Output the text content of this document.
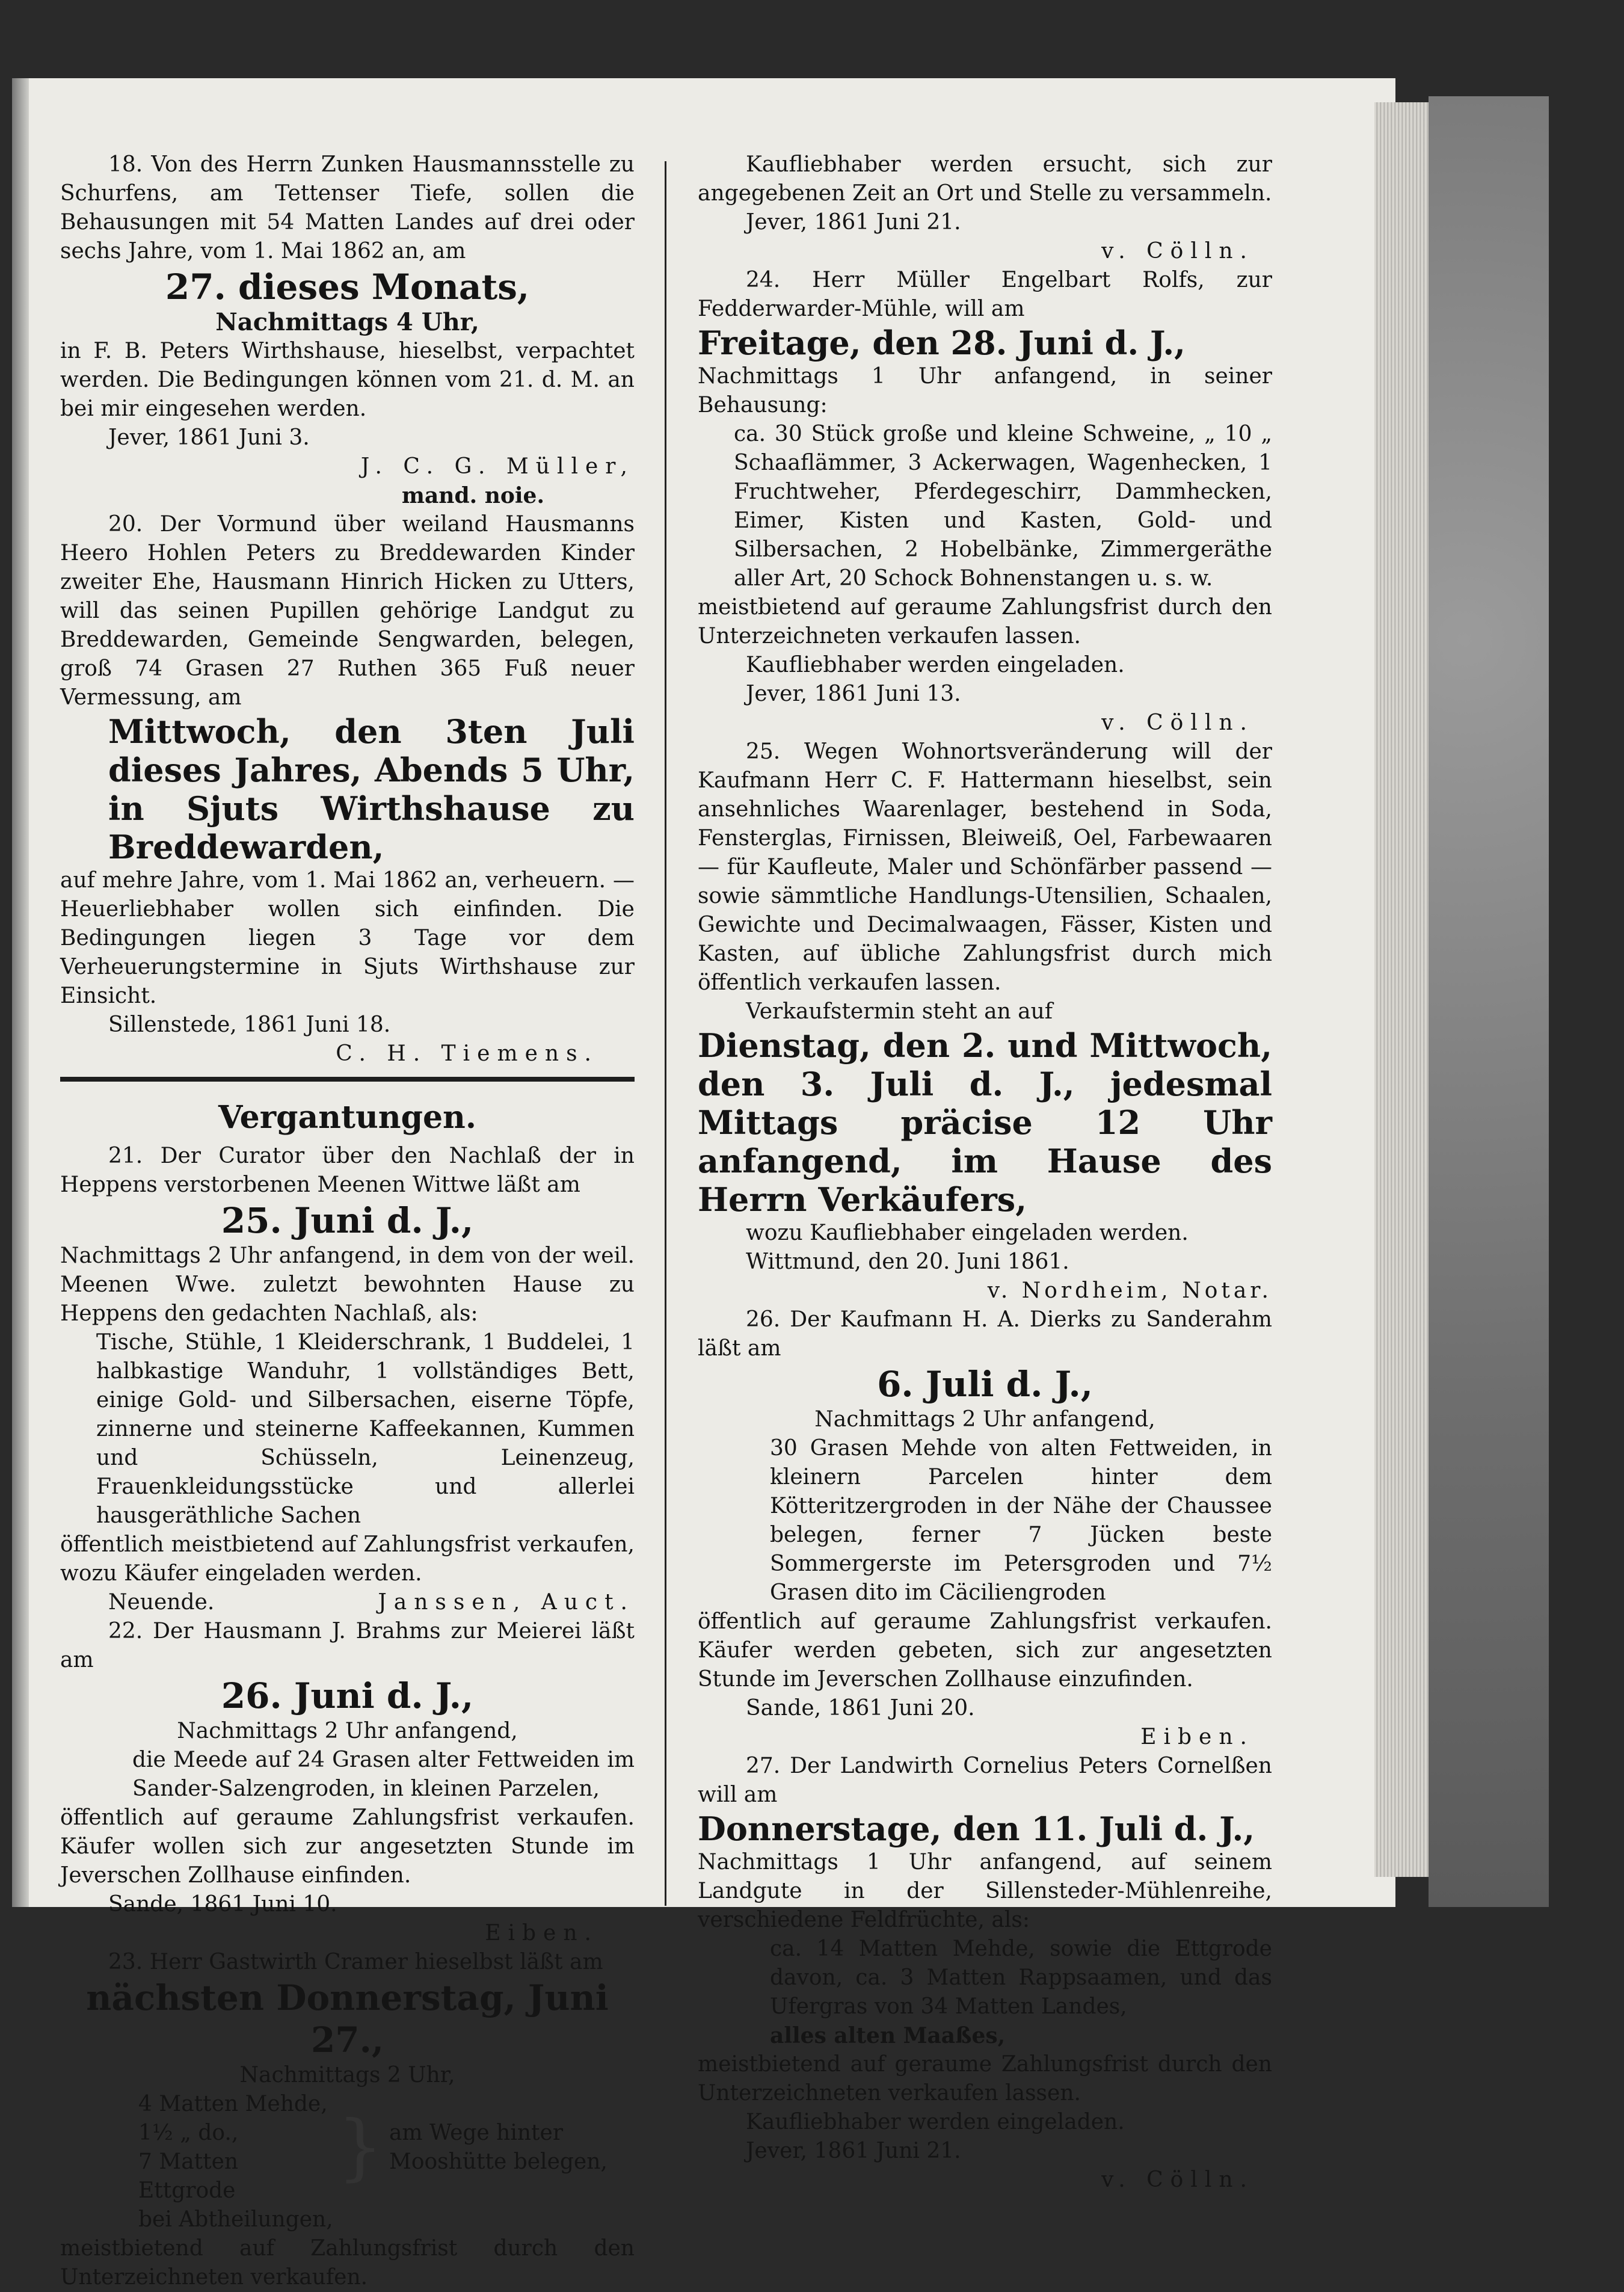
18. Von des Herrn Zunken Hausmannsstelle zu Schurfens, am Tettenser Tiefe, sollen die Behausungen mit 54 Matten Landes auf drei oder sechs Jahre, vom 1. Mai 1862 an, am

27. dieses Monats,

Nachmittags 4 Uhr,

in F. B. Peters Wirthshause, hieselbst, verpachtet werden. Die Bedingungen können vom 21. d. M. an bei mir eingesehen werden.

Jever, 1861 Juni 3.

J. C. G. Müller,

mand. noie.

20. Der Vormund über weiland Hausmanns Heero Hohlen Peters zu Breddewarden Kinder zweiter Ehe, Hausmann Hinrich Hicken zu Utters, will das seinen Pupillen gehörige Landgut zu Breddewarden, Gemeinde Sengwarden, belegen, groß 74 Grasen 27 Ruthen 365 Fuß neuer Vermessung, am

Mittwoch, den 3ten Juli dieses Jahres, Abends 5 Uhr, in Sjuts Wirthshause zu Breddewarden,

auf mehre Jahre, vom 1. Mai 1862 an, verheuern. — Heuerliebhaber wollen sich einfinden. Die Bedingungen liegen 3 Tage vor dem Verheuerungstermine in Sjuts Wirthshause zur Einsicht.

Sillenstede, 1861 Juni 18.

C. H. Tiemens.

Vergantungen.

21. Der Curator über den Nachlaß der in Heppens verstorbenen Meenen Wittwe läßt am

25. Juni d. J.,

Nachmittags 2 Uhr anfangend, in dem von der weil. Meenen Wwe. zuletzt bewohnten Hause zu Heppens den gedachten Nachlaß, als:

Tische, Stühle, 1 Kleiderschrank, 1 Buddelei, 1 halbkastige Wanduhr, 1 vollständiges Bett, einige Gold- und Silbersachen, eiserne Töpfe, zinnerne und steinerne Kaffeekannen, Kummen und Schüsseln, Leinenzeug, Frauenkleidungsstücke und allerlei hausgeräthliche Sachen

öffentlich meistbietend auf Zahlungsfrist verkaufen, wozu Käufer eingeladen werden.

Neuende.	Janssen, Auct.

22. Der Hausmann J. Brahms zur Meierei läßt am

26. Juni d. J.,

Nachmittags 2 Uhr anfangend,

die Meede auf 24 Grasen alter Fettweiden im Sander-Salzengroden, in kleinen Parzelen,

öffentlich auf geraume Zahlungsfrist verkaufen. Käufer wollen sich zur angesetzten Stunde im Jeverschen Zollhause einfinden.

Sande, 1861 Juni 10.

Eiben.

23. Herr Gastwirth Cramer hieselbst läßt am

nächsten Donnerstag, Juni 27.,

Nachmittags 2 Uhr,

4 Matten Mehde,

1½ „ do.,

7 Matten Ettgrode

} am Wege hinter Mooshütte belegen,

bei Abtheilungen,

meistbietend auf Zahlungsfrist durch den Unterzeichneten verkaufen.

Kaufliebhaber werden ersucht, sich zur angegebenen Zeit an Ort und Stelle zu versammeln.

Jever, 1861 Juni 21.

v. Cölln.

24. Herr Müller Engelbart Rolfs, zur Fedderwarder-Mühle, will am

Freitage, den 28. Juni d. J.,

Nachmittags 1 Uhr anfangend, in seiner Behausung:

ca. 30 Stück große und kleine Schweine, „ 10 „ Schaaflämmer, 3 Ackerwagen, Wagenhecken, 1 Fruchtweher, Pferdegeschirr, Dammhecken, Eimer, Kisten und Kasten, Gold- und Silbersachen, 2 Hobelbänke, Zimmergeräthe aller Art, 20 Schock Bohnenstangen u. s. w.

meistbietend auf geraume Zahlungsfrist durch den Unterzeichneten verkaufen lassen.

Kaufliebhaber werden eingeladen.

Jever, 1861 Juni 13.

v. Cölln.

25. Wegen Wohnortsveränderung will der Kaufmann Herr C. F. Hattermann hieselbst, sein ansehnliches Waarenlager, bestehend in Soda, Fensterglas, Firnissen, Bleiweiß, Oel, Farbewaaren — für Kaufleute, Maler und Schönfärber passend — sowie sämmtliche Handlungs-Utensilien, Schaalen, Gewichte und Decimalwaagen, Fässer, Kisten und Kasten, auf übliche Zahlungsfrist durch mich öffentlich verkaufen lassen.

Verkaufstermin steht an auf

Dienstag, den 2. und Mittwoch, den 3. Juli d. J., jedesmal Mittags präcise 12 Uhr anfangend, im Hause des Herrn Verkäufers,

wozu Kaufliebhaber eingeladen werden.

Wittmund, den 20. Juni 1861.

v. Nordheim, Notar.

26. Der Kaufmann H. A. Dierks zu Sanderahm läßt am

6. Juli d. J.,

Nachmittags 2 Uhr anfangend,

30 Grasen Mehde von alten Fettweiden, in kleinern Parcelen hinter dem Kötteritzergroden in der Nähe der Chaussee belegen, ferner 7 Jücken beste Sommergerste im Petersgroden und 7½ Grasen dito im Cäciliengroden

öffentlich auf geraume Zahlungsfrist verkaufen. Käufer werden gebeten, sich zur angesetzten Stunde im Jeverschen Zollhause einzufinden.

Sande, 1861 Juni 20.

Eiben.

27. Der Landwirth Cornelius Peters Cornelßen will am

Donnerstage, den 11. Juli d. J.,

Nachmittags 1 Uhr anfangend, auf seinem Landgute in der Sillensteder-Mühlenreihe, verschiedene Feldfrüchte, als:

ca. 14 Matten Mehde, sowie die Ettgrode davon, ca. 3 Matten Rappsaamen, und das Ufergras von 34 Matten Landes,

alles alten Maaßes,

meistbietend auf geraume Zahlungsfrist durch den Unterzeichneten verkaufen lassen.

Kaufliebhaber werden eingeladen.

Jever, 1861 Juni 21.

v. Cölln.
